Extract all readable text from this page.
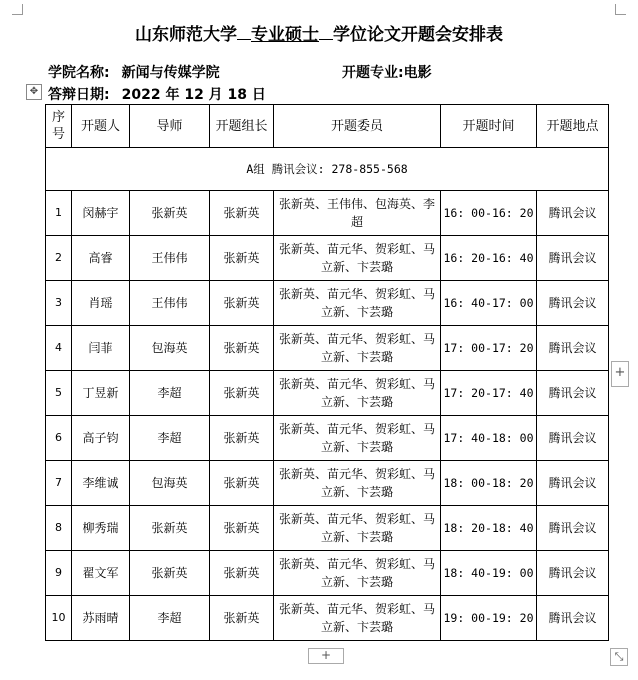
山东师范大学 专业硕士 学位论文开题会安排表
学院名称: 新闻与传媒学院	开题专业:电影
答辩日期: 2022 年 12 月 18 日
✥
序号	开题人	导师	开题组长	开题委员	开题时间	开题地点
A组 腾讯会议: 278-855-568						
1	闵赫宇	张新英	张新英	张新英、王伟伟、包海英、李超	16: 00-16: 20	腾讯会议
2	高睿	王伟伟	张新英	张新英、苗元华、贺彩虹、马立新、卞芸璐	16: 20-16: 40	腾讯会议
3	肖瑶	王伟伟	张新英	张新英、苗元华、贺彩虹、马立新、卞芸璐	16: 40-17: 00	腾讯会议
4	闫菲	包海英	张新英	张新英、苗元华、贺彩虹、马立新、卞芸璐	17: 00-17: 20	腾讯会议
5	丁昱新	李超	张新英	张新英、苗元华、贺彩虹、马立新、卞芸璐	17: 20-17: 40	腾讯会议
6	高子钧	李超	张新英	张新英、苗元华、贺彩虹、马立新、卞芸璐	17: 40-18: 00	腾讯会议
7	李维诚	包海英	张新英	张新英、苗元华、贺彩虹、马立新、卞芸璐	18: 00-18: 20	腾讯会议
8	柳秀瑞	张新英	张新英	张新英、苗元华、贺彩虹、马立新、卞芸璐	18: 20-18: 40	腾讯会议
9	翟文军	张新英	张新英	张新英、苗元华、贺彩虹、马立新、卞芸璐	18: 40-19: 00	腾讯会议
10	苏雨晴	李超	张新英	张新英、苗元华、贺彩虹、马立新、卞芸璐	19: 00-19: 20	腾讯会议
+
+	⤡
